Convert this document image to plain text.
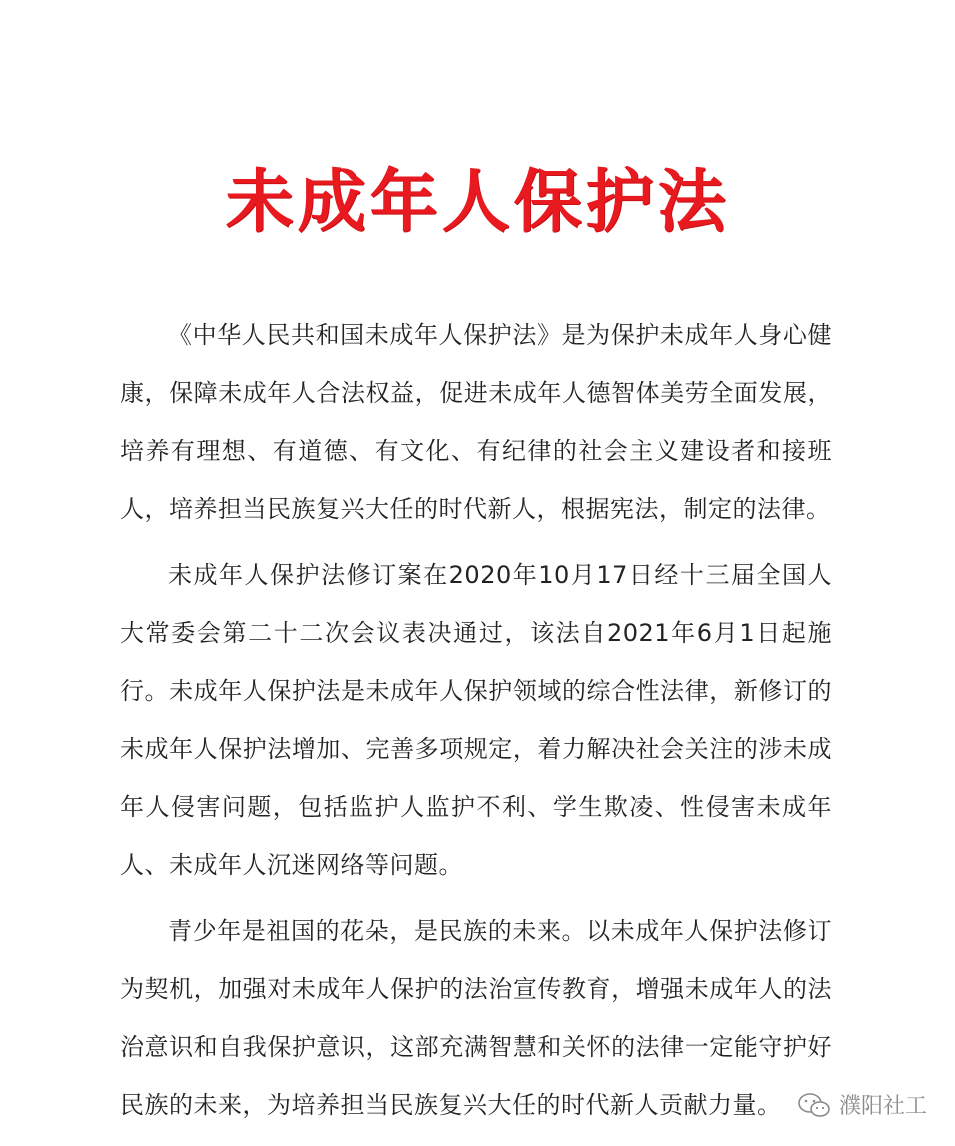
未成年人保护法

《中华人民共和国未成年人保护法》是为保护未成年人身心健康，保障未成年人合法权益，促进未成年人德智体美劳全面发展，培养有理想、有道德、有文化、有纪律的社会主义建设者和接班人，培养担当民族复兴大任的时代新人，根据宪法，制定的法律。

未成年人保护法修订案在2020年10月17日经十三届全国人大常委会第二十二次会议表决通过，该法自2021年6月1日起施行。未成年人保护法是未成年人保护领域的综合性法律，新修订的未成年人保护法增加、完善多项规定，着力解决社会关注的涉未成年人侵害问题，包括监护人监护不利、学生欺凌、性侵害未成年人、未成年人沉迷网络等问题。

青少年是祖国的花朵，是民族的未来。以未成年人保护法修订为契机，加强对未成年人保护的法治宣传教育，增强未成年人的法治意识和自我保护意识，这部充满智慧和关怀的法律一定能守护好民族的未来，为培养担当民族复兴大任的时代新人贡献力量。	濮阳社工
